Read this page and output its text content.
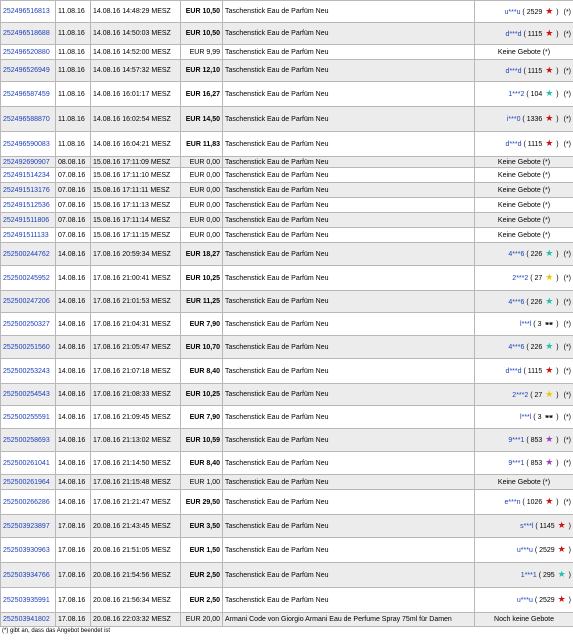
252496516813	11.08.16	14.08.16 14:48:29 MESZ	EUR 10,50	Taschenstick Eau de Parfüm Neu	u***u ( 2529 ★ ) (*)
252496518688	11.08.16	14.08.16 14:50:03 MESZ	EUR 10,50	Taschenstick Eau de Parfüm Neu	d***d ( 1115 ★ ) (*)
252496520880	11.08.16	14.08.16 14:52:00 MESZ	EUR 9,99	Taschenstick Eau de Parfüm Neu	Keine Gebote (*)
252496526949	11.08.16	14.08.16 14:57:32 MESZ	EUR 12,10	Taschenstick Eau de Parfüm Neu	d***d ( 1115 ★ ) (*)
252496587459	11.08.16	14.08.16 16:01:17 MESZ	EUR 16,27	Taschenstick Eau de Parfüm Neu	1***2 ( 104 ★ ) (*)
252496588870	11.08.16	14.08.16 16:02:54 MESZ	EUR 14,50	Taschenstick Eau de Parfüm Neu	i***0 ( 1336 ★ ) (*)
252496590083	11.08.16	14.08.16 16:04:21 MESZ	EUR 11,83	Taschenstick Eau de Parfüm Neu	d***d ( 1115 ★ ) (*)
252492690907	08.08.16	15.08.16 17:11:09 MESZ	EUR 0,00	Taschenstick Eau de Parfüm Neu	Keine Gebote (*)
252491514234	07.08.16	15.08.16 17:11:10 MESZ	EUR 0,00	Taschenstick Eau de Parfüm Neu	Keine Gebote (*)
252491513176	07.08.16	15.08.16 17:11:11 MESZ	EUR 0,00	Taschenstick Eau de Parfüm Neu	Keine Gebote (*)
252491512536	07.08.16	15.08.16 17:11:13 MESZ	EUR 0,00	Taschenstick Eau de Parfüm Neu	Keine Gebote (*)
252491511806	07.08.16	15.08.16 17:11:14 MESZ	EUR 0,00	Taschenstick Eau de Parfüm Neu	Keine Gebote (*)
252491511133	07.08.16	15.08.16 17:11:15 MESZ	EUR 0,00	Taschenstick Eau de Parfüm Neu	Keine Gebote (*)
252500244762	14.08.16	17.08.16 20:59:34 MESZ	EUR 18,27	Taschenstick Eau de Parfüm Neu	4***6 ( 226 ★ ) (*)
252500245952	14.08.16	17.08.16 21:00:41 MESZ	EUR 10,25	Taschenstick Eau de Parfüm Neu	2***2 ( 27 ★ ) (*)
252500247206	14.08.16	17.08.16 21:01:53 MESZ	EUR 11,25	Taschenstick Eau de Parfüm Neu	4***6 ( 226 ★ ) (*)
252500250327	14.08.16	17.08.16 21:04:31 MESZ	EUR 7,90	Taschenstick Eau de Parfüm Neu	l***l ( 3 🕶 ) (*)
252500251560	14.08.16	17.08.16 21:05:47 MESZ	EUR 10,70	Taschenstick Eau de Parfüm Neu	4***6 ( 226 ★ ) (*)
252500253243	14.08.16	17.08.16 21:07:18 MESZ	EUR 8,40	Taschenstick Eau de Parfüm Neu	d***d ( 1115 ★ ) (*)
252500254543	14.08.16	17.08.16 21:08:33 MESZ	EUR 10,25	Taschenstick Eau de Parfüm Neu	2***2 ( 27 ★ ) (*)
252500255591	14.08.16	17.08.16 21:09:45 MESZ	EUR 7,90	Taschenstick Eau de Parfüm Neu	l***l ( 3 🕶 ) (*)
252500258693	14.08.16	17.08.16 21:13:02 MESZ	EUR 10,59	Taschenstick Eau de Parfüm Neu	9***1 ( 853 ★ ) (*)
252500261041	14.08.16	17.08.16 21:14:50 MESZ	EUR 8,40	Taschenstick Eau de Parfüm Neu	9***1 ( 853 ★ ) (*)
252500261964	14.08.16	17.08.16 21:15:48 MESZ	EUR 1,00	Taschenstick Eau de Parfüm Neu	Keine Gebote (*)
252500266286	14.08.16	17.08.16 21:21:47 MESZ	EUR 29,50	Taschenstick Eau de Parfüm Neu	e***n ( 1026 ★ ) (*)
252503923897	17.08.16	20.08.16 21:43:45 MESZ	EUR 3,50	Taschenstick Eau de Parfüm Neu	s***l ( 1145 ★ )
252503930963	17.08.16	20.08.16 21:51:05 MESZ	EUR 1,50	Taschenstick Eau de Parfüm Neu	u***u ( 2529 ★ )
252503934766	17.08.16	20.08.16 21:54:56 MESZ	EUR 2,50	Taschenstick Eau de Parfüm Neu	1***1 ( 295 ★ )
252503935991	17.08.16	20.08.16 21:56:34 MESZ	EUR 2,50	Taschenstick Eau de Parfüm Neu	u***u ( 2529 ★ )
252503941802	17.08.16	20.08.16 22:03:32 MESZ	EUR 20,00	Armani Code von Giorgio Armani Eau de Perfume Spray 75ml für Damen	Noch keine Gebote
(*) gibt an, dass das Angebot beendet ist
